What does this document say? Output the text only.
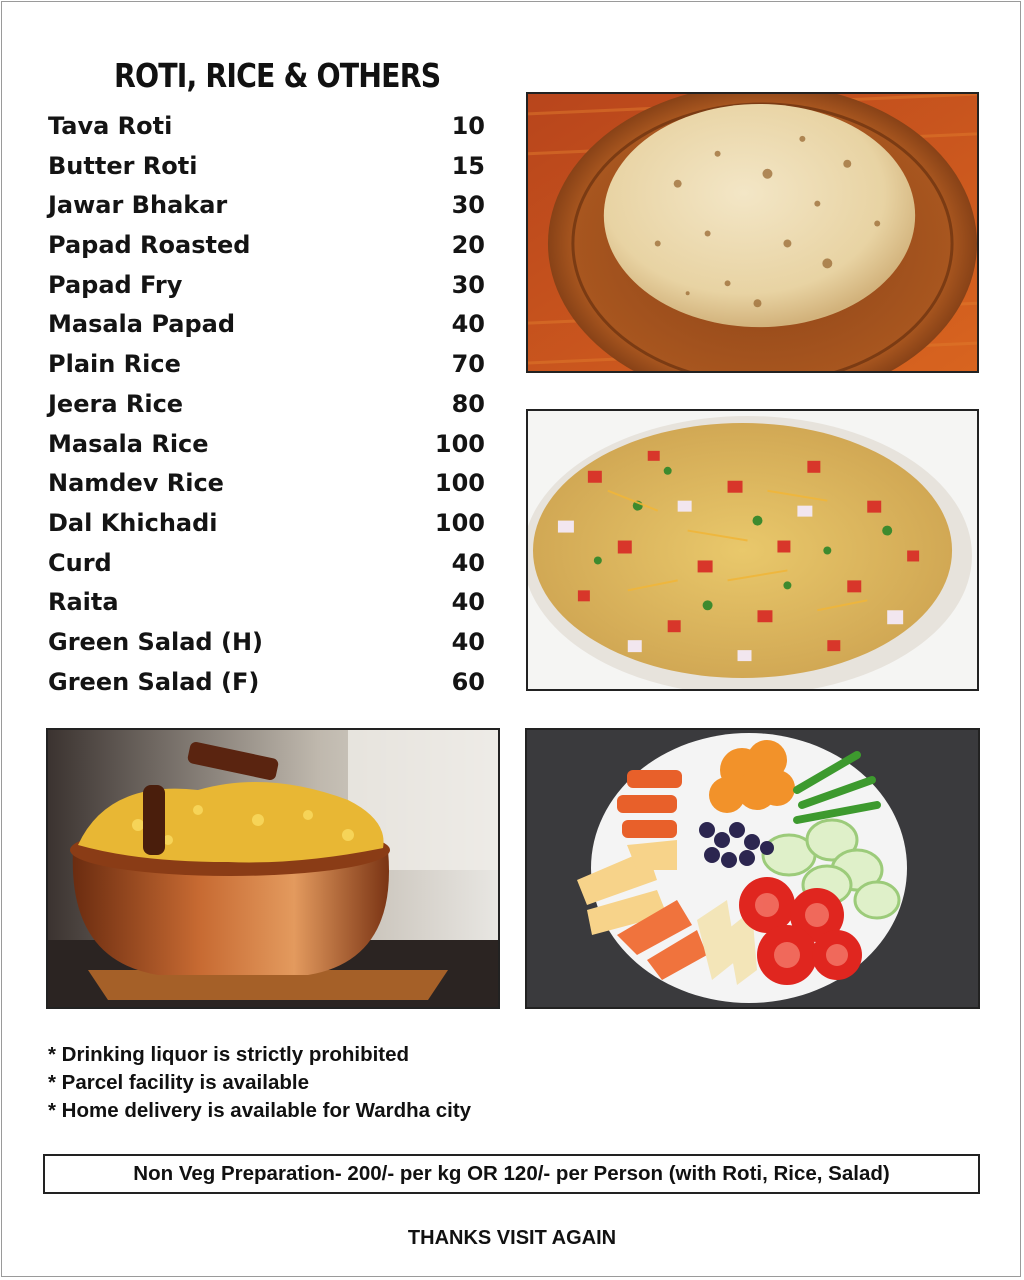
ROTI, RICE & OTHERS
Tava Roti	10
Butter Roti	15
Jawar Bhakar	30
Papad Roasted	20
Papad Fry	30
Masala Papad	40
Plain Rice	70
Jeera Rice	80
Masala Rice	100
Namdev Rice	100
Dal Khichadi	100
Curd	40
Raita	40
Green Salad (H)	40
Green Salad (F)	60
* Drinking liquor is strictly prohibited
* Parcel facility is available
* Home delivery is available for Wardha city
Non Veg Preparation- 200/- per kg OR 120/- per Person (with Roti, Rice, Salad)
THANKS VISIT AGAIN
